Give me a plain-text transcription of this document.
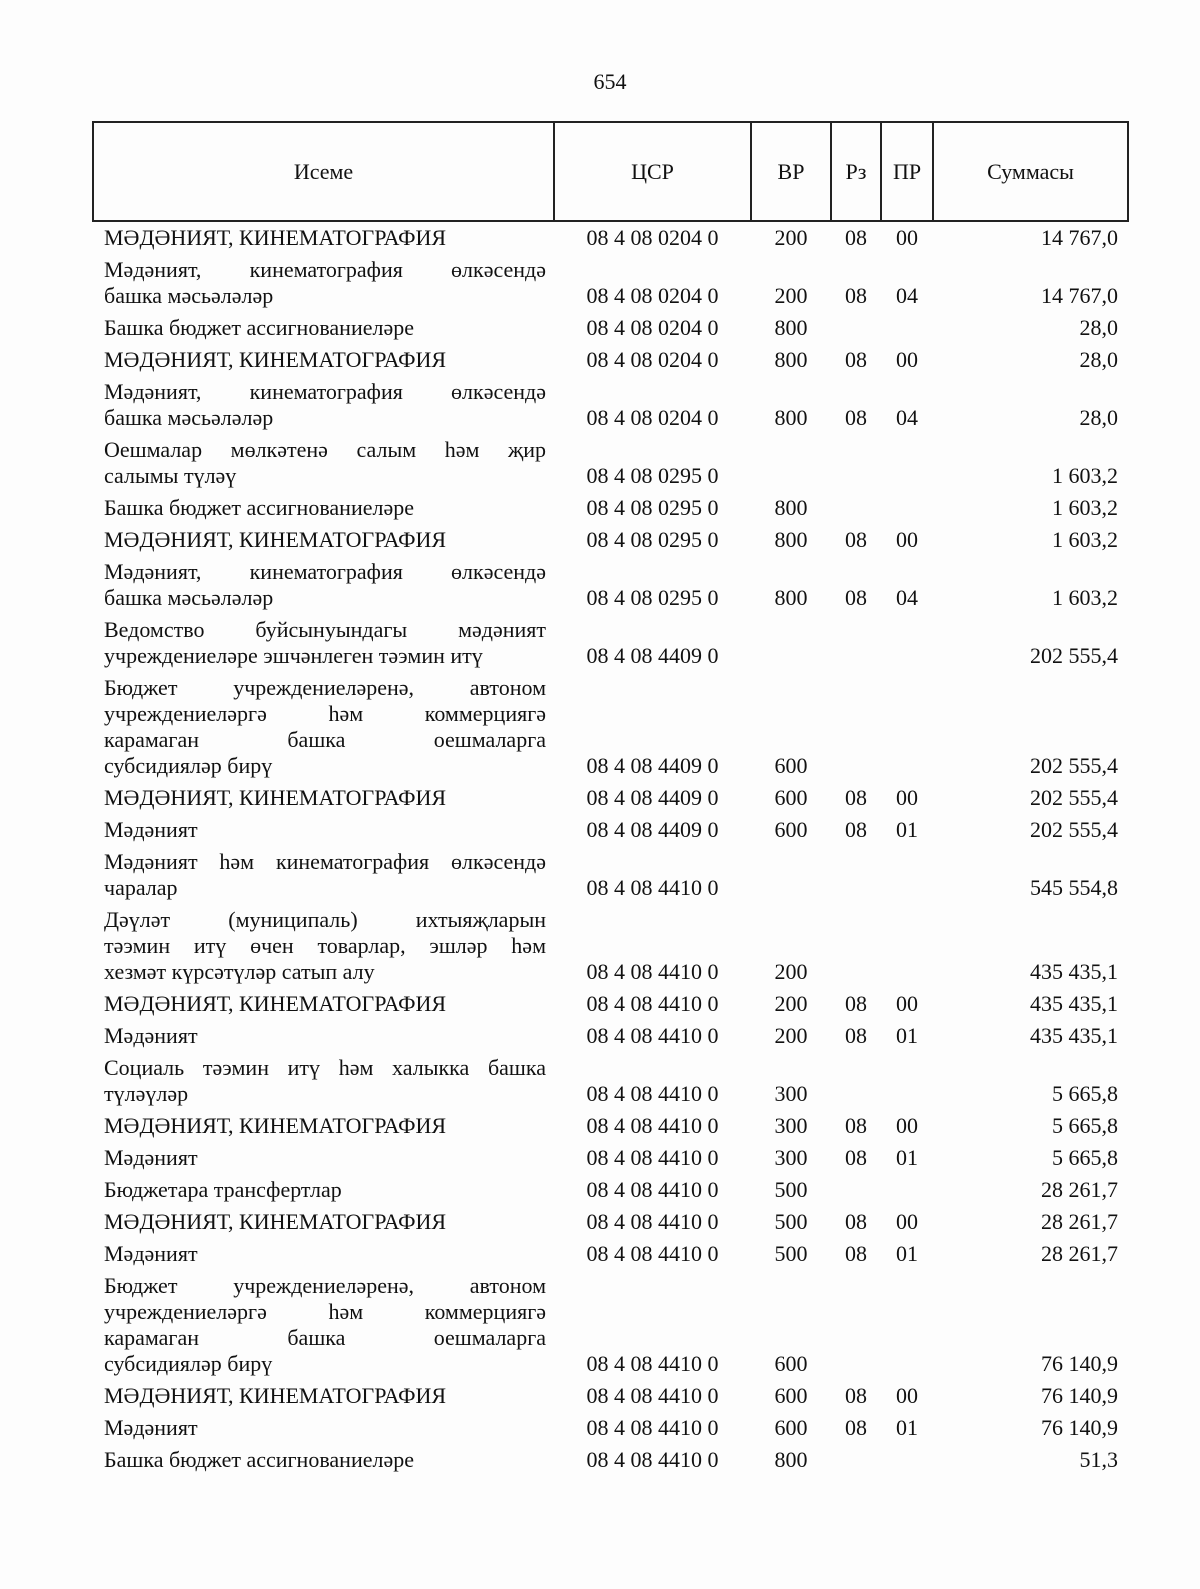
654
Исеме	ЦСР	ВР	Рз	ПР	Суммасы

МӘДӘНИЯТ, КИНЕМАТОГРАФИЯ	08 4 08 0204 0	200	08	00	14 767,0

Мәдәният, кинематография өлкәсендә
башка мәсьәләләр	08 4 08 0204 0	200	08	04	14 767,0

Башка бюджет ассигнованиеләре	08 4 08 0204 0	800			28,0

МӘДӘНИЯТ, КИНЕМАТОГРАФИЯ	08 4 08 0204 0	800	08	00	28,0

Мәдәният, кинематография өлкәсендә
башка мәсьәләләр	08 4 08 0204 0	800	08	04	28,0

Оешмалар мөлкәтенә салым һәм җир
салымы түләү	08 4 08 0295 0				1 603,2

Башка бюджет ассигнованиеләре	08 4 08 0295 0	800			1 603,2

МӘДӘНИЯТ, КИНЕМАТОГРАФИЯ	08 4 08 0295 0	800	08	00	1 603,2

Мәдәният, кинематография өлкәсендә
башка мәсьәләләр	08 4 08 0295 0	800	08	04	1 603,2

Ведомство буйсынуындагы мәдәният
учреждениеләре эшчәнлеген тәэмин итү	08 4 08 4409 0				202 555,4

Бюджет учреждениеләренә, автоном
учреждениеләргә һәм коммерциягә
карамаган башка оешмаларга
субсидияләр бирү	08 4 08 4409 0	600			202 555,4

МӘДӘНИЯТ, КИНЕМАТОГРАФИЯ	08 4 08 4409 0	600	08	00	202 555,4

Мәдәният	08 4 08 4409 0	600	08	01	202 555,4

Мәдәният һәм кинематография өлкәсендә
чаралар	08 4 08 4410 0				545 554,8

Дәүләт (муниципаль) ихтыяҗларын
тәэмин итү өчен товарлар, эшләр һәм
хезмәт күрсәтүләр сатып алу	08 4 08 4410 0	200			435 435,1

МӘДӘНИЯТ, КИНЕМАТОГРАФИЯ	08 4 08 4410 0	200	08	00	435 435,1

Мәдәният	08 4 08 4410 0	200	08	01	435 435,1

Социаль тәэмин итү һәм халыкка башка
түләүләр	08 4 08 4410 0	300			5 665,8

МӘДӘНИЯТ, КИНЕМАТОГРАФИЯ	08 4 08 4410 0	300	08	00	5 665,8

Мәдәният	08 4 08 4410 0	300	08	01	5 665,8

Бюджетара трансфертлар	08 4 08 4410 0	500			28 261,7

МӘДӘНИЯТ, КИНЕМАТОГРАФИЯ	08 4 08 4410 0	500	08	00	28 261,7

Мәдәният	08 4 08 4410 0	500	08	01	28 261,7

Бюджет учреждениеләренә, автоном
учреждениеләргә һәм коммерциягә
карамаган башка оешмаларга
субсидияләр бирү	08 4 08 4410 0	600			76 140,9

МӘДӘНИЯТ, КИНЕМАТОГРАФИЯ	08 4 08 4410 0	600	08	00	76 140,9

Мәдәният	08 4 08 4410 0	600	08	01	76 140,9

Башка бюджет ассигнованиеләре	08 4 08 4410 0	800			51,3
